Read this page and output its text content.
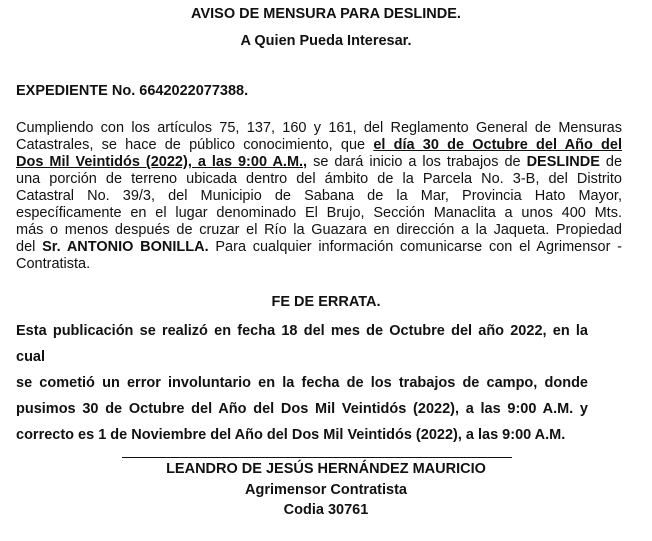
AVISO DE MENSURA PARA DESLINDE.
A Quien Pueda Interesar.
EXPEDIENTE No. 6642022077388.
Cumpliendo con los artículos 75, 137, 160 y 161, del Reglamento General de Mensuras
Catastrales, se hace de público conocimiento, que el día 30 de Octubre del Año del
Dos Mil Veintidós (2022), a las 9:00 A.M., se dará inicio a los trabajos de DESLINDE de
una porción de terreno ubicada dentro del ámbito de la Parcela No. 3-B, del Distrito
Catastral No. 39/3, del Municipio de Sabana de la Mar, Provincia Hato Mayor,
específicamente en el lugar denominado El Brujo, Sección Manaclita a unos 400 Mts.
más o menos después de cruzar el Río la Guazara en dirección a la Jaqueta. Propiedad
del Sr. ANTONIO BONILLA. Para cualquier información comunicarse con el Agrimensor -
Contratista.
FE DE ERRATA.
Esta publicación se realizó en fecha 18 del mes de Octubre del año 2022, en la cual
se cometió un error involuntario en la fecha de los trabajos de campo, donde
pusimos 30 de Octubre del Año del Dos Mil Veintidós (2022), a las 9:00 A.M. y
correcto es 1 de Noviembre del Año del Dos Mil Veintidós (2022), a las 9:00 A.M.
LEANDRO DE JESÚS HERNÁNDEZ MAURICIO
Agrimensor Contratista
Codia 30761
